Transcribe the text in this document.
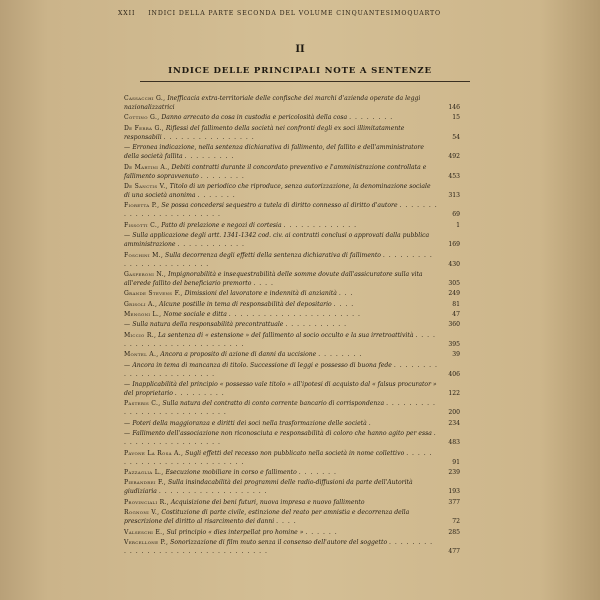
XXII INDICI DELLA PARTE SECONDA DEL VOLUME CINQUANTESIMOQUARTO
II
INDICE DELLE PRINCIPALI NOTE A SENTENZE
Cassacchi G., Inefficacia extra-territoriale delle confische dei marchi d'azienda operate da leggi nazionalizzatrici	146
Cottino G., Danno arrecato da cosa in custodia e pericolosità della cosa . . . . . . . .	15
De Ferra G., Riflessi del fallimento della società nei confronti degli ex soci illimitatamente responsabili . . . . . . . . . . . . . . . .	54
— Erronea indicazione, nella sentenza dichiarativa di fallimento, del fallito e dell'amministratore della società fallita . . . . . . . . .	492
De Martini A., Debiti contratti durante il concordato preventivo e l'amministrazione controllata e fallimento sopravvenuto . . . . . . . .	453
De Sanctis V., Titolo di un periodico che riproduce, senza autorizzazione, la denominazione sociale di una società anonima . . . . . . .	313
Fioretta P., Se possa concedersi sequestro a tutela di diritto connesso al diritto d'autore . . . . . . . . . . . . . . . . . . . . . . . .	69
Fissotti C., Patto di prelazione e negozi di cortesia . . . . . . . . . . . . .	1
— Sulla applicazione degli artt. 1341-1342 cod. civ. ai contratti conclusi o approvati dalla pubblica amministrazione . . . . . . . . . . . .	169
Foschini M., Sulla decorrenza degli effetti della sentenza dichiarativa di fallimento . . . . . . . . . . . . . . . . . . . . . . . .	430
Gasperoni N., Impignorabilità e insequestrabilità delle somme dovute dall'assicuratore sulla vita all'erede fallito del beneficiario premorto . . . .	305
Grande Stevens F., Dimissioni del lavoratore e indennità di anzianità . . .	249
Grisoli A., Alcune postille in tema di responsabilità del depositario . . . .	81
Mengoni L., Nome sociale e ditta . . . . . . . . . . . . . . . . . . . . . . .	47
— Sulla natura della responsabilità precontrattuale . . . . . . . . . . .	360
Miccio R., La sentenza di « estensione » del fallimento al socio occulto e la sua irretroattività . . . . . . . . . . . . . . . . . . . . . . . . .	395
Montel A., Ancora a proposito di azione di danni da uccisione . . . . . . . .	39
— Ancora in tema di mancanza di titolo. Successione di leggi e possesso di buona fede . . . . . . . . . . . . . . . . . . . . . . . .	406
— Inapplicabilità del principio « possesso vale titolo » all'ipotesi di acquisto dal « falsus procurator » del proprietario . . . . . . . . .	122
Pasteris C., Sulla natura del contratto di conto corrente bancario di corrispondenza . . . . . . . . . . . . . . . . . . . . . . . . . . .	200
— Poteri della maggioranza e diritti dei soci nella trasformazione delle società .	234
— Fallimento dell'associazione non riconosciuta e responsabilità di coloro che hanno agito per essa . . . . . . . . . . . . . . . . . .	483
Pavone La Rosa A., Sugli effetti del recesso non pubblicato nella società in nome collettivo . . . . . . . . . . . . . . . . . . . . . . . . . .	91
Pazzaglia L., Esecuzione mobiliare in corso e fallimento . . . . . . .	239
Pierandrei F., Sulla insindacabilità dei programmi delle radio-diffusioni da parte dell'Autorità giudiziaria . . . . . . . . . . . . . . . . . . .	193
Provinciali R., Acquisizione dei beni futuri, nuova impresa e nuovo fallimento	377
Rognoni V., Costituzione di parte civile, estinzione del reato per amnistia e decorrenza della prescrizione del diritto al risarcimento dei danni . . . .	72
Valseschi E., Sul principio « dies interpellat pro homine » . . . . . .	285
Vercellone P., Sonorizzazione di film muto senza il consenso dell'autore del soggetto . . . . . . . . . . . . . . . . . . . . . . . . . . . . . . . . .	477
